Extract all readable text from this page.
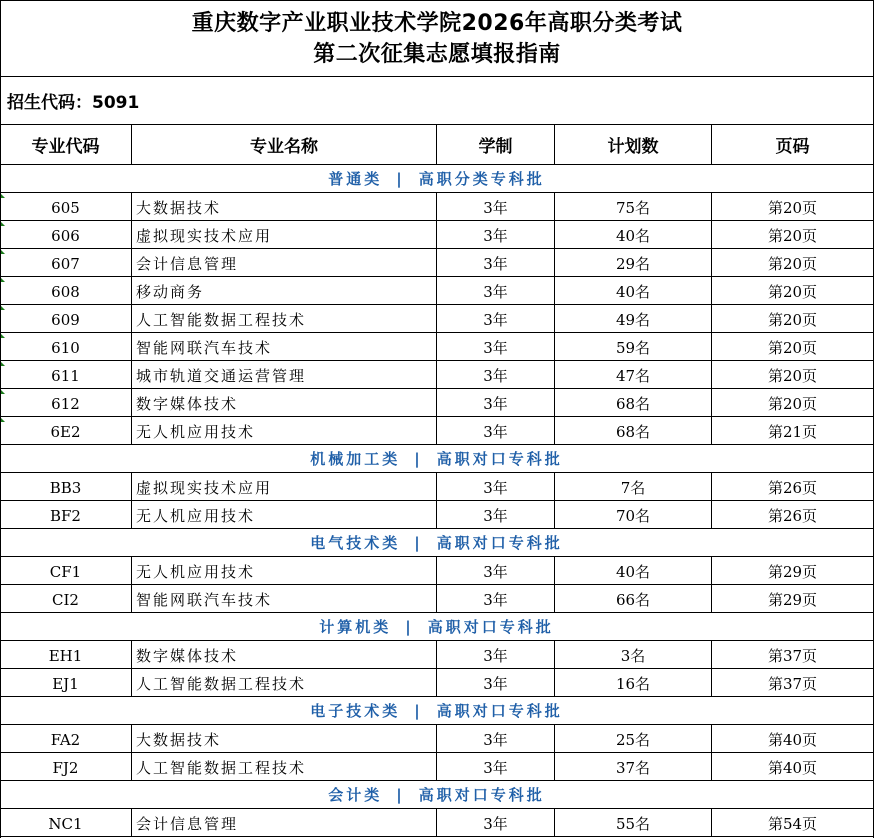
重庆数字产业职业技术学院2026年高职分类考试
第二次征集志愿填报指南
招生代码：5091
专业代码	专业名称	学制	计划数	页码
普通类 | 高职分类专科批				
605	大数据技术	3年	75名	第20页
606	虚拟现实技术应用	3年	40名	第20页
607	会计信息管理	3年	29名	第20页
608	移动商务	3年	40名	第20页
609	人工智能数据工程技术	3年	49名	第20页
610	智能网联汽车技术	3年	59名	第20页
611	城市轨道交通运营管理	3年	47名	第20页
612	数字媒体技术	3年	68名	第20页
6E2	无人机应用技术	3年	68名	第21页
机械加工类 | 高职对口专科批				
BB3	虚拟现实技术应用	3年	7名	第26页
BF2	无人机应用技术	3年	70名	第26页
电气技术类 | 高职对口专科批				
CF1	无人机应用技术	3年	40名	第29页
CI2	智能网联汽车技术	3年	66名	第29页
计算机类 | 高职对口专科批				
EH1	数字媒体技术	3年	3名	第37页
EJ1	人工智能数据工程技术	3年	16名	第37页
电子技术类 | 高职对口专科批				
FA2	大数据技术	3年	25名	第40页
FJ2	人工智能数据工程技术	3年	37名	第40页
会计类 | 高职对口专科批				
NC1	会计信息管理	3年	55名	第54页
